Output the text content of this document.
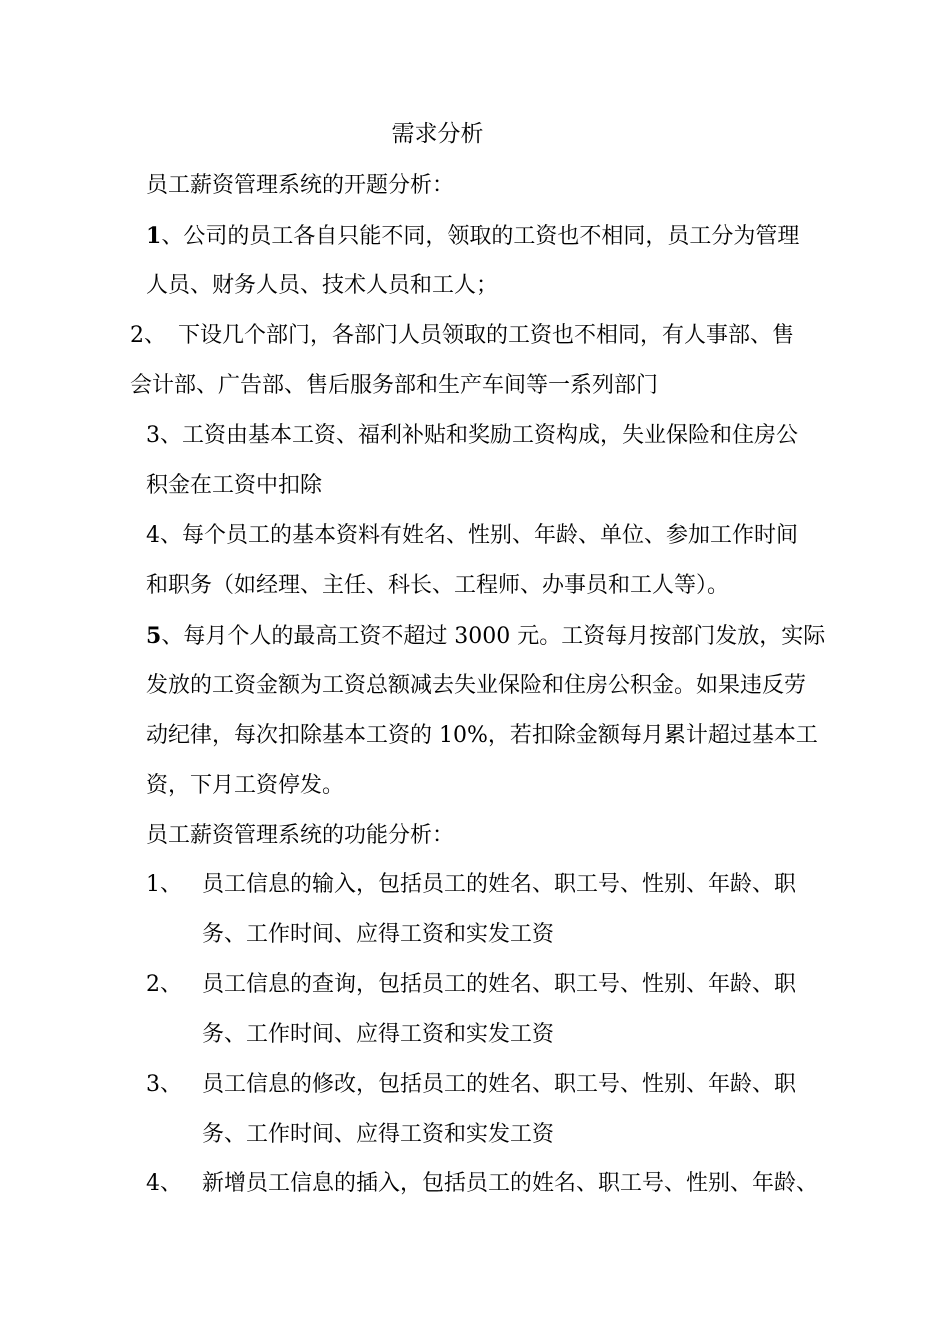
需求分析
员工薪资管理系统的开题分析：
1、公司的员工各自只能不同，领取的工资也不相同，员工分为管理
人员、财务人员、技术人员和工人；
2、 下设几个部门，各部门人员领取的工资也不相同，有人事部、售
会计部、广告部、售后服务部和生产车间等一系列部门
3、工资由基本工资、福利补贴和奖励工资构成，失业保险和住房公
积金在工资中扣除
4、每个员工的基本资料有姓名、性别、年龄、单位、参加工作时间
和职务（如经理、主任、科长、工程师、办事员和工人等）。
5、每月个人的最高工资不超过 3000 元。工资每月按部门发放，实际
发放的工资金额为工资总额减去失业保险和住房公积金。如果违反劳
动纪律，每次扣除基本工资的 10%，若扣除金额每月累计超过基本工
资，下月工资停发。
员工薪资管理系统的功能分析：
1、 员工信息的输入，包括员工的姓名、职工号、性别、年龄、职
务、工作时间、应得工资和实发工资
2、 员工信息的查询，包括员工的姓名、职工号、性别、年龄、职
务、工作时间、应得工资和实发工资
3、 员工信息的修改，包括员工的姓名、职工号、性别、年龄、职
务、工作时间、应得工资和实发工资
4、 新增员工信息的插入，包括员工的姓名、职工号、性别、年龄、
